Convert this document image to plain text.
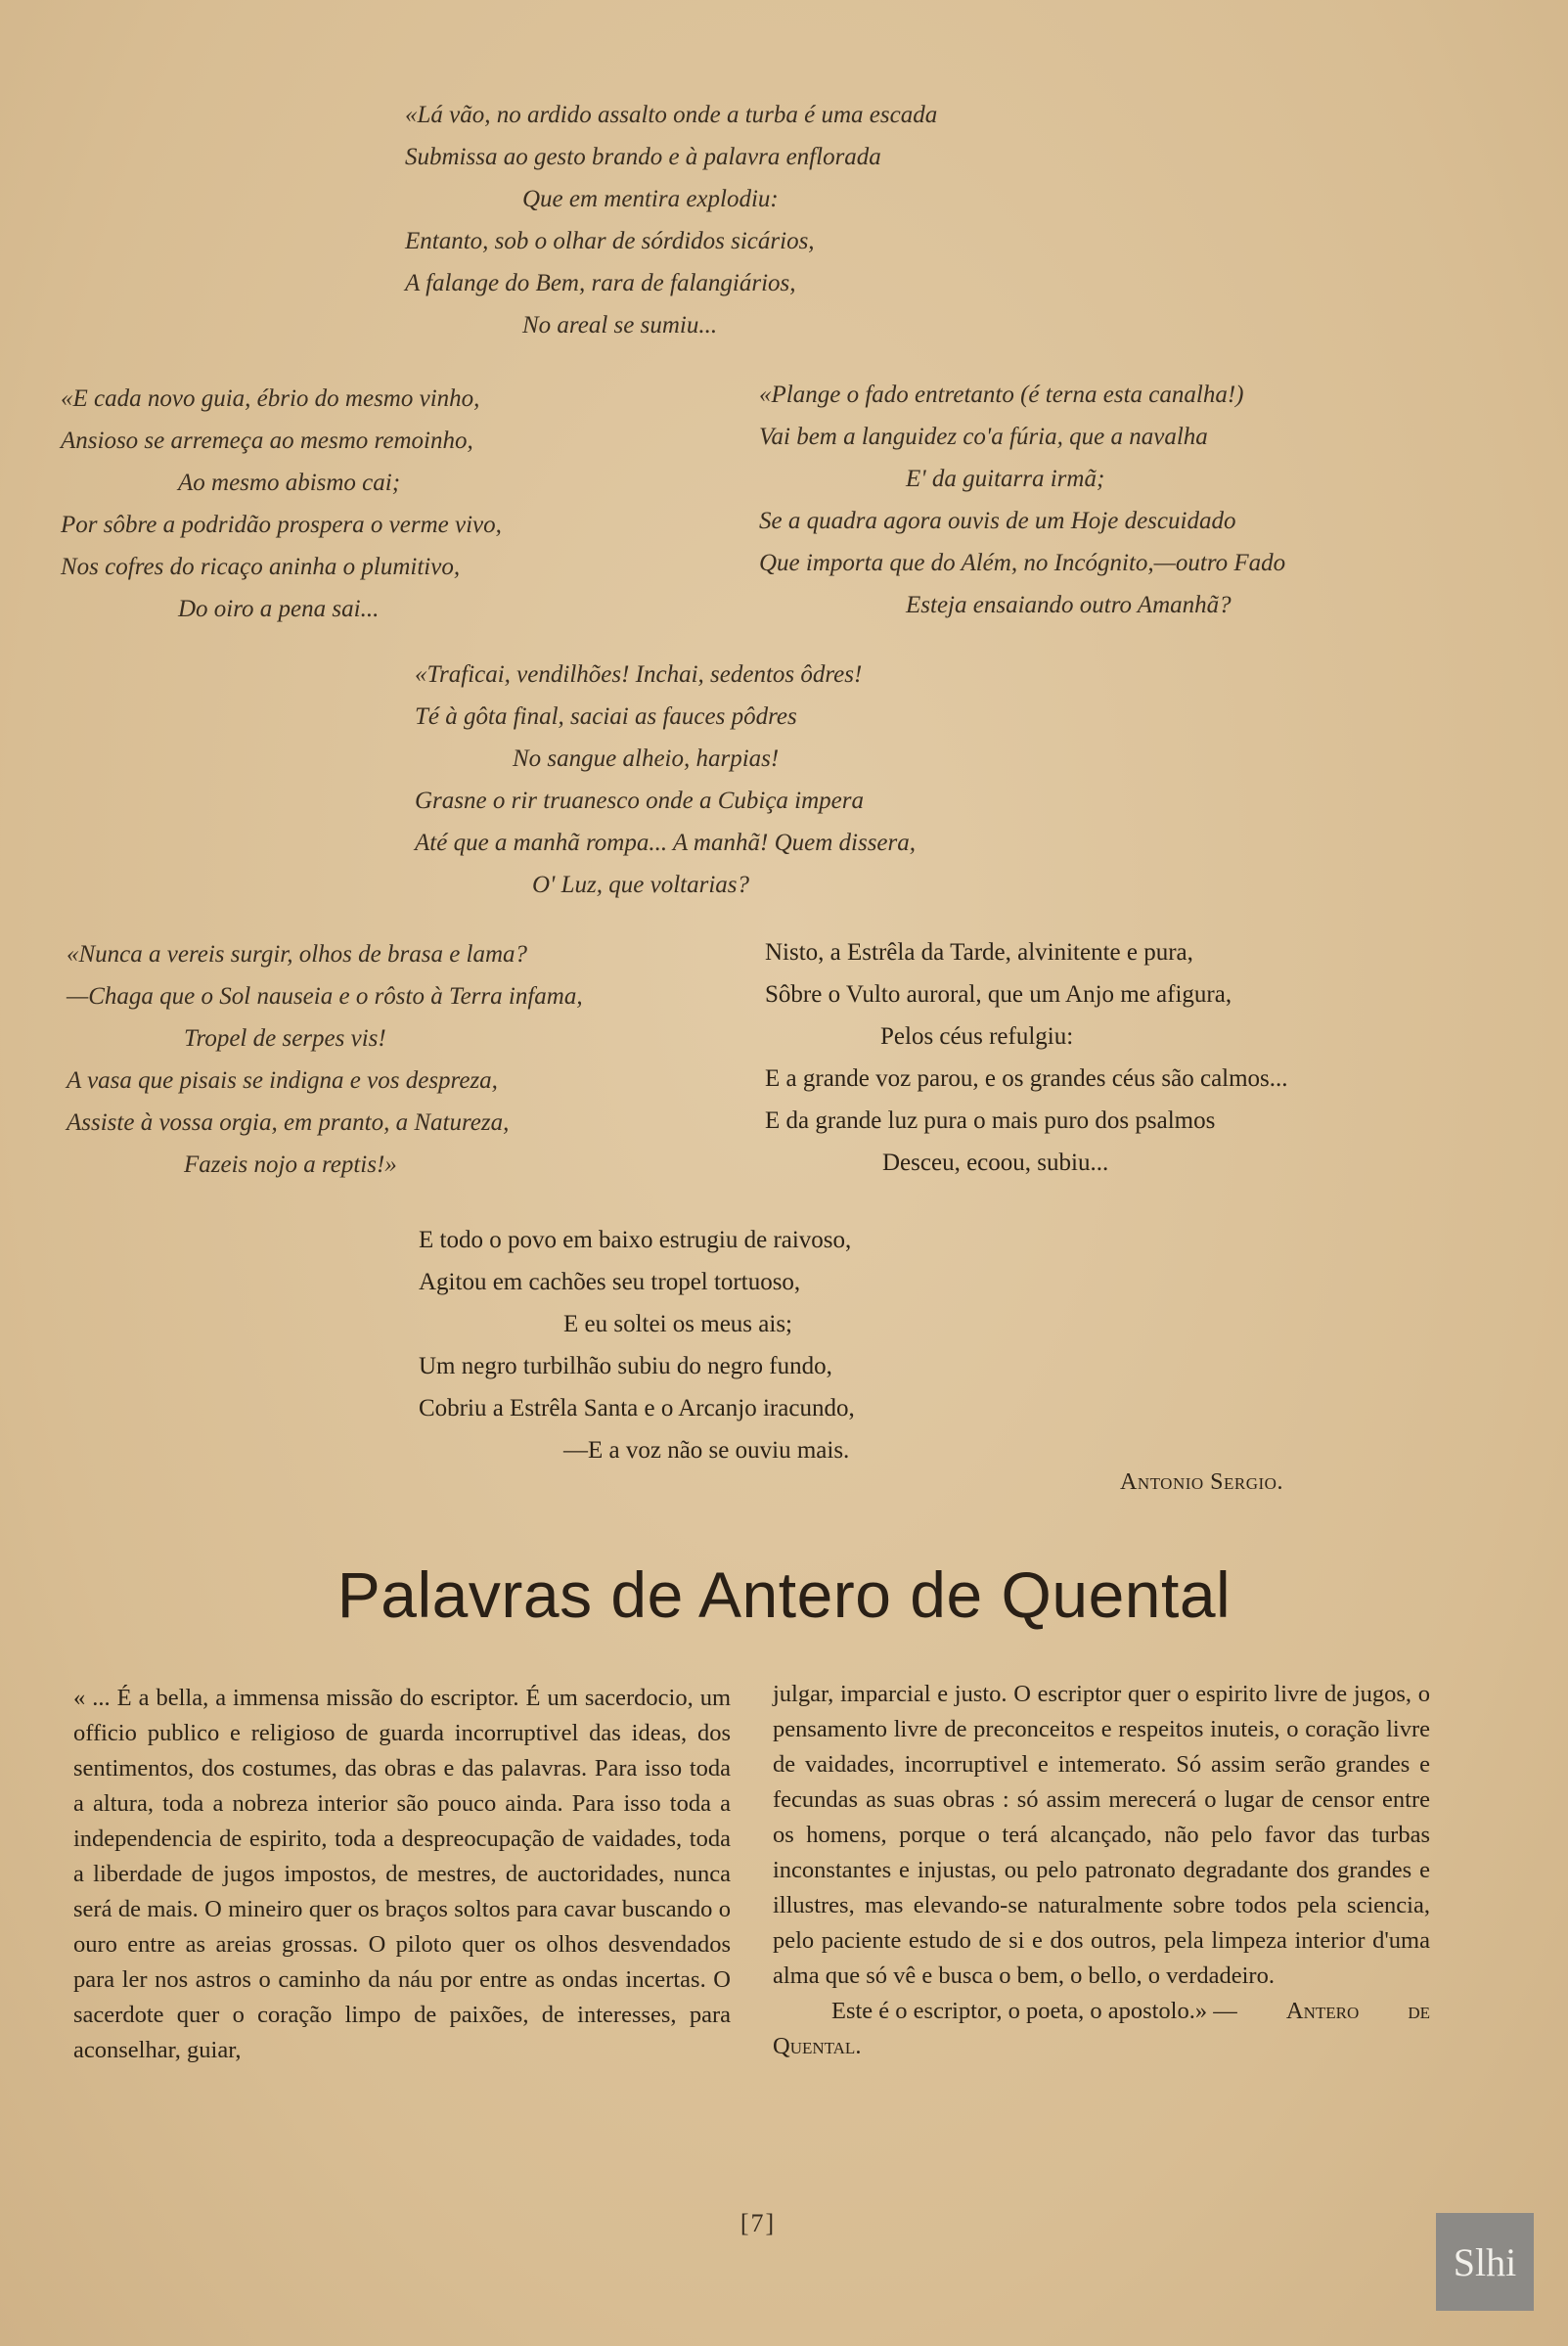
«Lá vão, no ardido assalto onde a turba é uma escada
Submissa ao gesto brando e à palavra enflorada
Que em mentira explodiu:
Entanto, sob o olhar de sórdidos sicários,
A falange do Bem, rara de falangiários,
No areal se sumiu...
«E cada novo guia, ébrio do mesmo vinho,
Ansioso se arremeça ao mesmo remoinho,
Ao mesmo abismo cai;
Por sôbre a podridão prospera o verme vivo,
Nos cofres do ricaço aninha o plumitivo,
Do oiro a pena sai...
«Plange o fado entretanto (é terna esta canalha!)
Vai bem a languidez co'a fúria, que a navalha
E' da guitarra irmã;
Se a quadra agora ouvis de um Hoje descuidado
Que importa que do Além, no Incógnito,—outro Fado
Esteja ensaiando outro Amanhã?
«Traficai, vendilhões! Inchai, sedentos ôdres!
Té à gôta final, saciai as fauces pôdres
No sangue alheio, harpias!
Grasne o rir truanesco onde a Cubiça impera
Até que a manhã rompa... A manhã! Quem dissera,
O' Luz, que voltarias?
«Nunca a vereis surgir, olhos de brasa e lama?
—Chaga que o Sol nauseia e o rôsto à Terra infama,
Tropel de serpes vis!
A vasa que pisais se indigna e vos despreza,
Assiste à vossa orgia, em pranto, a Natureza,
Fazeis nojo a reptis!»
Nisto, a Estrêla da Tarde, alvinitente e pura,
Sôbre o Vulto auroral, que um Anjo me afigura,
Pelos céus refulgiu:
E a grande voz parou, e os grandes céus são calmos...
E da grande luz pura o mais puro dos psalmos
Desceu, ecoou, subiu...
E todo o povo em baixo estrugiu de raivoso,
Agitou em cachões seu tropel tortuoso,
E eu soltei os meus ais;
Um negro turbilhão subiu do negro fundo,
Cobriu a Estrêla Santa e o Arcanjo iracundo,
—E a voz não se ouviu mais.
Antonio Sergio.
Palavras de Antero de Quental

« ... É a bella, a immensa missão do escriptor. É um sacerdocio, um officio publico e religioso de guarda incorruptivel das ideas, dos sentimentos, dos costumes, das obras e das palavras. Para isso toda a altura, toda a nobreza interior são pouco ainda. Para isso toda a independencia de espirito, toda a despreocupação de vaidades, toda a liberdade de jugos impostos, de mestres, de auctoridades, nunca será de mais. O mineiro quer os braços soltos para cavar buscando o ouro entre as areias grossas. O piloto quer os olhos desvendados para ler nos astros o caminho da náu por entre as ondas incertas. O sacerdote quer o coração limpo de paixões, de interesses, para aconselhar, guiar,

julgar, imparcial e justo. O escriptor quer o espirito livre de jugos, o pensamento livre de preconceitos e respeitos inuteis, o coração livre de vaidades, incorruptivel e intemerato. Só assim serão grandes e fecundas as suas obras : só assim merecerá o lugar de censor entre os homens, porque o terá alcançado, não pelo favor das turbas inconstantes e injustas, ou pelo patronato degradante dos grandes e illustres, mas elevando-se naturalmente sobre todos pela sciencia, pelo paciente estudo de si e dos outros, pela limpeza interior d'uma alma que só vê e busca o bem, o bello, o verdadeiro.
Este é o escriptor, o poeta, o apostolo.» — Antero de Quental.
[7]
Slhi
